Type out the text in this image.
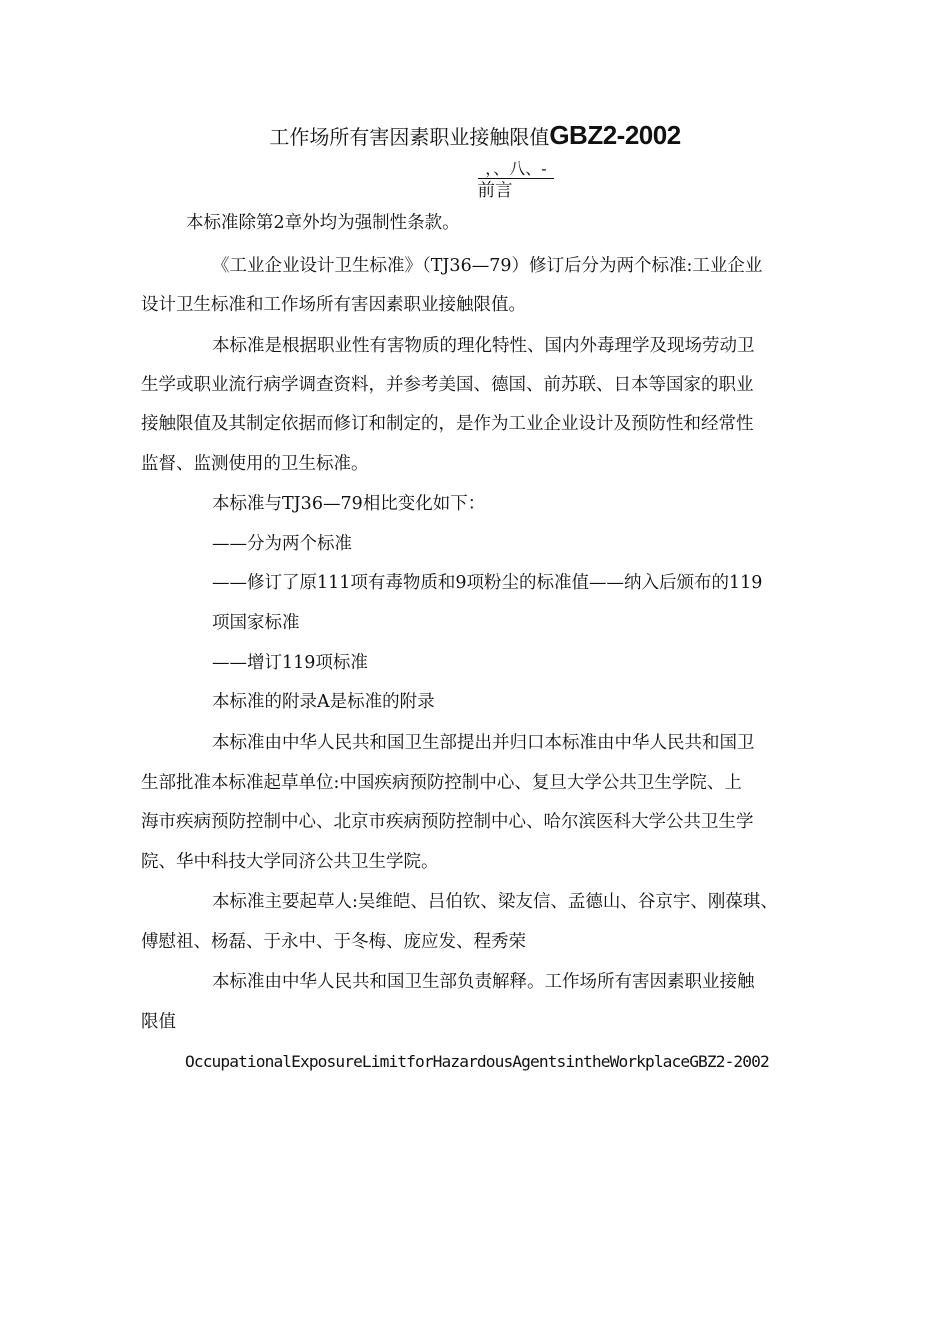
工作场所有害因素职业接触限值GBZ2-2002
，、八、-
前言
本标准除第2章外均为强制性条款。
《工业企业设计卫生标准》（TJ36—79）修订后分为两个标准:工业企业
设计卫生标准和工作场所有害因素职业接触限值。
本标准是根据职业性有害物质的理化特性、国内外毒理学及现场劳动卫
生学或职业流行病学调查资料，并参考美国、德国、前苏联、日本等国家的职业
接触限值及其制定依据而修订和制定的，是作为工业企业设计及预防性和经常性
监督、监测使用的卫生标准。
本标准与TJ36—79相比变化如下：
——分为两个标准
——修订了原111项有毒物质和9项粉尘的标准值——纳入后颁布的119
项国家标准
——增订119项标准
本标准的附录A是标准的附录
本标准由中华人民共和国卫生部提出并归口本标准由中华人民共和国卫
生部批准本标准起草单位:中国疾病预防控制中心、复旦大学公共卫生学院、上
海市疾病预防控制中心、北京市疾病预防控制中心、哈尔滨医科大学公共卫生学
院、华中科技大学同济公共卫生学院。
本标准主要起草人:吴维皑、吕伯钦、梁友信、孟德山、谷京宇、刚葆琪、
傅慰祖、杨磊、于永中、于冬梅、庞应发、程秀荣
本标准由中华人民共和国卫生部负责解释。工作场所有害因素职业接触
限值
OccupationalExposureLimitforHazardousAgentsintheWorkplaceGBZ2-2002
